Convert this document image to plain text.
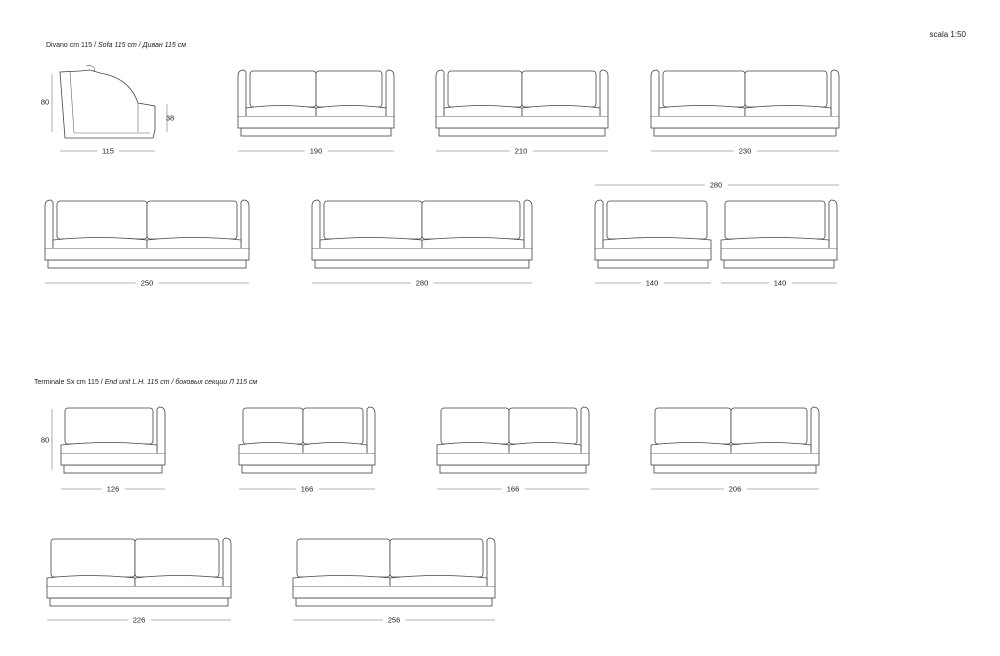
Divano cm 115 / Sofa 115 cm / Диван 115 см
scala 1:50
Terminale Sx cm 115 / End unit L.H. 115 cm / боковых секции Л 115 см
80
38
115	190	210	230
250	280
280
140	140
80
126	166	166	206
226	256
